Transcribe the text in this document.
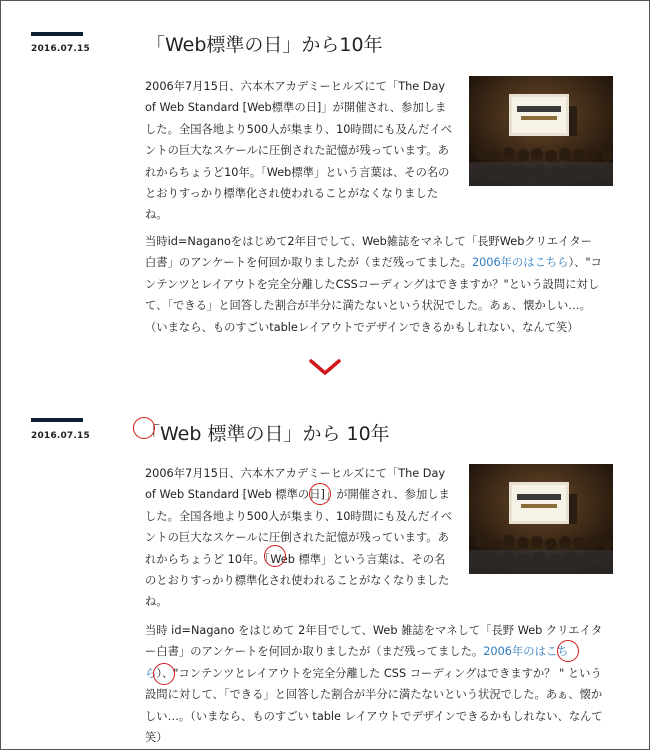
2016.07.15	「Web標準の日」から10年

2006年7月15日、六本木アカデミーヒルズにて「The Day of Web Standard [Web標準の日]」が開催され、参加しました。全国各地より500人が集まり、10時間にも及んだイベントの巨大なスケールに圧倒された記憶が残っています。あれからちょうど10年。「Web標準」という言葉は、その名のとおりすっかり標準化され使われることがなくなりましたね。

当時id=Naganoをはじめて2年目でして、Web雑誌をマネして「長野Webクリエイター白書」のアンケートを何回か取りましたが（まだ残ってました。2006年のはこちら）、"コンテンツとレイアウトを完全分離したCSSコーディングはできますか？"という設問に対して、「できる」と回答した割合が半分に満たないという状況でした。あぁ、懐かしい…。（いまなら、ものすごいtableレイアウトでデザインできるかもしれない、なんて笑）

2016.07.15	「Web 標準の日」から 10年

2006年7月15日、六本木アカデミーヒルズにて「The Day of Web Standard [Web 標準の日]」が開催され、参加しました。全国各地より500人が集まり、10時間にも及んだイベントの巨大なスケールに圧倒された記憶が残っています。あれからちょうど 10年。「Web 標準」という言葉は、その名のとおりすっかり標準化され使われることがなくなりましたね。

当時 id=Nagano をはじめて 2年目でして、Web 雑誌をマネして「長野 Web クリエイター白書」のアンケートを何回か取りましたが（まだ残ってました。2006年のはこちら）、"コンテンツとレイアウトを完全分離した CSS コーディングはできますか？ " という設問に対して、「できる」と回答した割合が半分に満たないという状況でした。あぁ、懐かしい…。（いまなら、ものすごい table レイアウトでデザインできるかもしれない、なんて笑）
